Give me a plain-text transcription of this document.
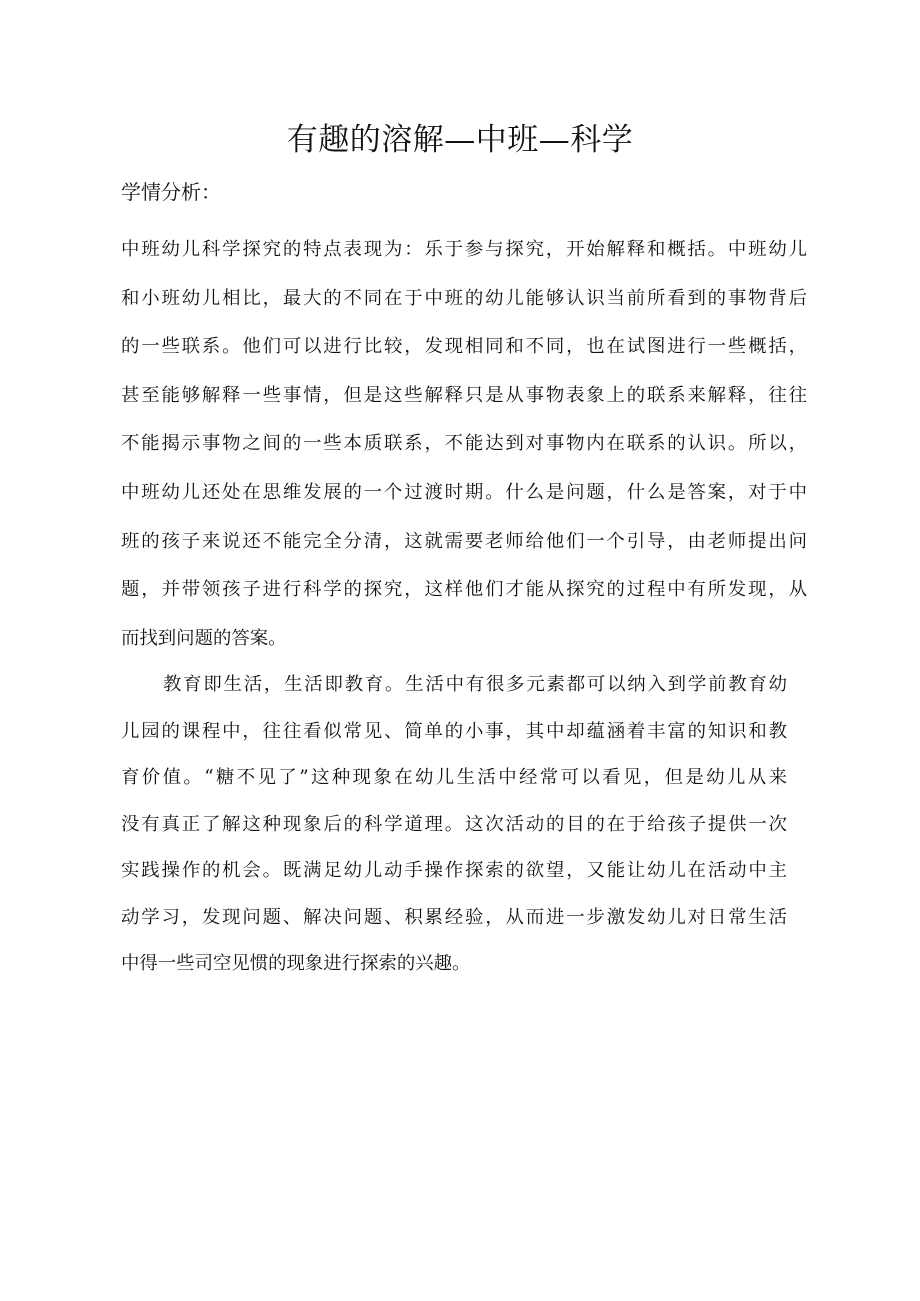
有趣的溶解—中班—科学
学情分析：

中班幼儿科学探究的特点表现为：乐于参与探究，开始解释和概括。中班幼儿
和小班幼儿相比，最大的不同在于中班的幼儿能够认识当前所看到的事物背后
的一些联系。他们可以进行比较，发现相同和不同，也在试图进行一些概括，
甚至能够解释一些事情，但是这些解释只是从事物表象上的联系来解释，往往
不能揭示事物之间的一些本质联系，不能达到对事物内在联系的认识。所以，
中班幼儿还处在思维发展的一个过渡时期。什么是问题，什么是答案，对于中
班的孩子来说还不能完全分清，这就需要老师给他们一个引导，由老师提出问
题，并带领孩子进行科学的探究，这样他们才能从探究的过程中有所发现，从
而找到问题的答案。

教育即生活，生活即教育。生活中有很多元素都可以纳入到学前教育幼
儿园的课程中，往往看似常见、简单的小事，其中却蕴涵着丰富的知识和教
育价值。“糖不见了”这种现象在幼儿生活中经常可以看见，但是幼儿从来
没有真正了解这种现象后的科学道理。这次活动的目的在于给孩子提供一次
实践操作的机会。既满足幼儿动手操作探索的欲望，又能让幼儿在活动中主
动学习，发现问题、解决问题、积累经验，从而进一步激发幼儿对日常生活
中得一些司空见惯的现象进行探索的兴趣。
